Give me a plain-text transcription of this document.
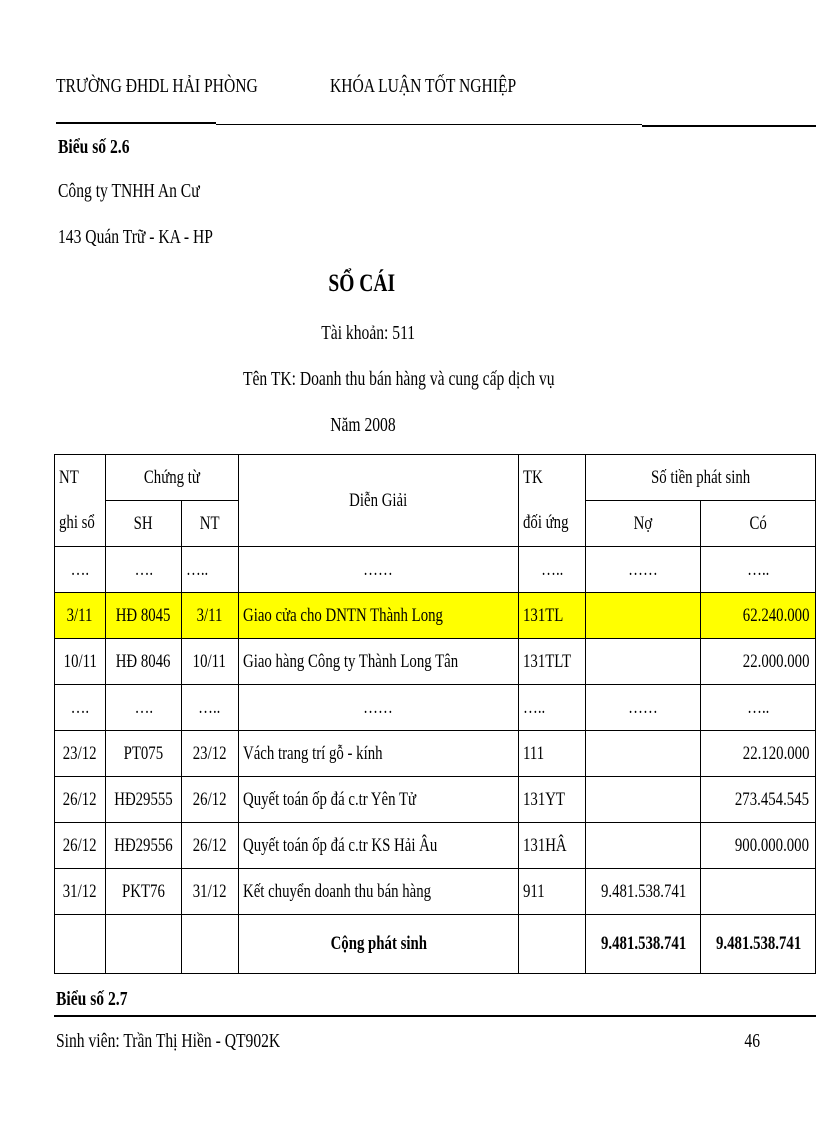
TRƯỜNG ĐHDL HẢI PHÒNG	KHÓA LUẬN TỐT NGHIỆP
Biểu số 2.6
Công ty TNHH An Cư
143 Quán Trữ - KA - HP
SỔ CÁI
Tài khoản: 511
Tên TK: Doanh thu bán hàng và cung cấp dịch vụ
Năm 2008
NT	Chứng từ		Diễn Giải	TK	Số tiền phát sinh	
ghi sổ	SH	NT		đối ứng	Nợ	Có
….	….	…..	……	…..	……	…..
3/11	HĐ 8045	3/11	Giao cửa cho DNTN Thành Long	131TL		62.240.000
10/11	HĐ 8046	10/11	Giao hàng Công ty Thành Long Tân	131TLT		22.000.000
….	….	…..	……	…..	……	…..
23/12	PT075	23/12	Vách trang trí gỗ - kính	111		22.120.000
26/12	HĐ29555	26/12	Quyết toán ốp đá c.tr Yên Tử	131YT		273.454.545
26/12	HĐ29556	26/12	Quyết toán ốp đá c.tr KS Hải Âu	131HÂ		900.000.000
31/12	PKT76	31/12	Kết chuyển doanh thu bán hàng	911	9.481.538.741	
			Cộng phát sinh		9.481.538.741	9.481.538.741
Biểu số 2.7
Sinh viên: Trần Thị Hiền - QT902K	46
